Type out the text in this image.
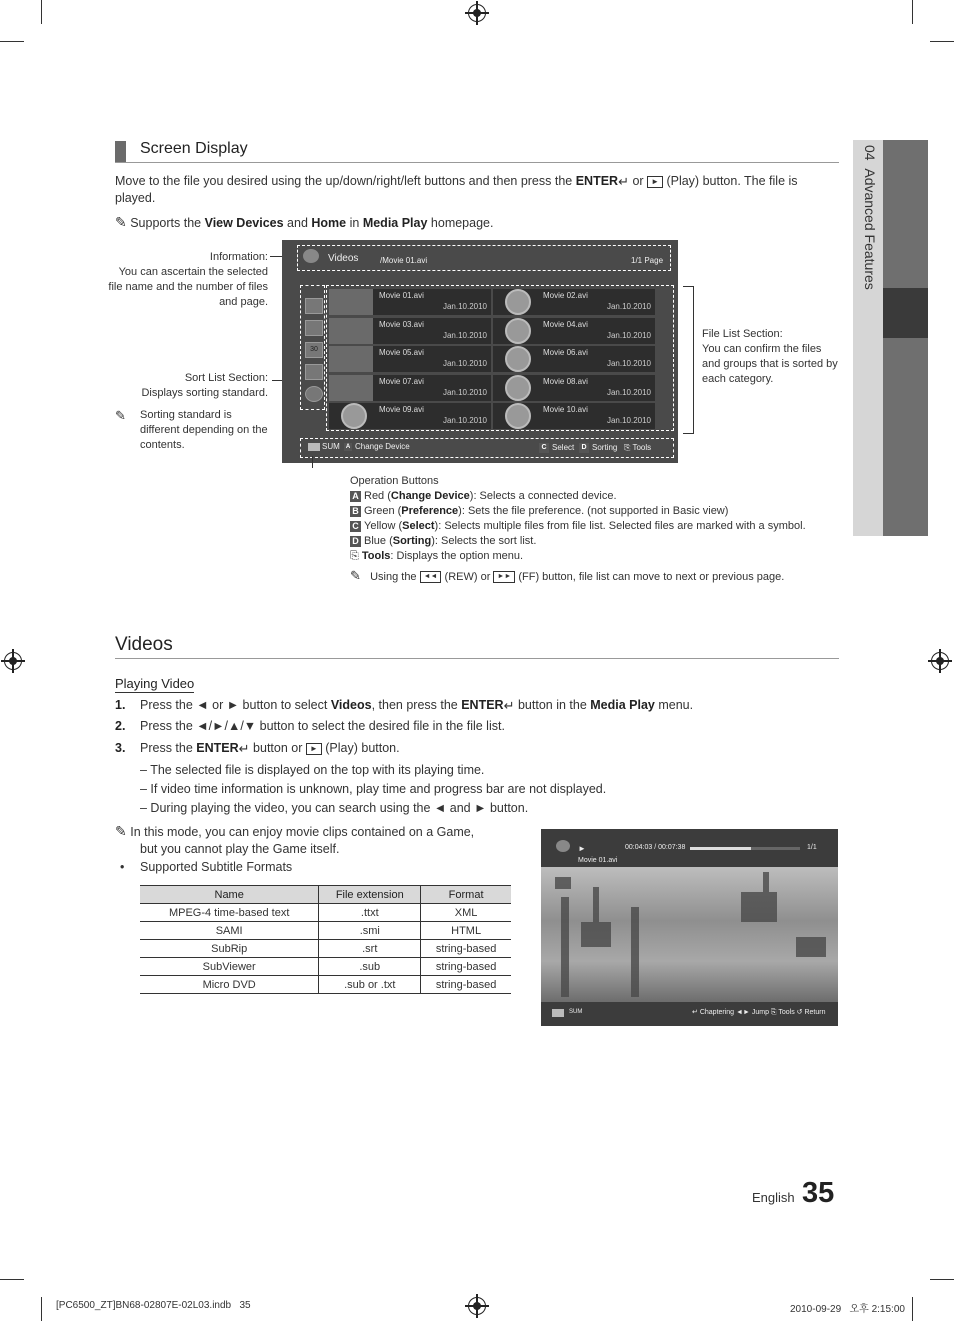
04  Advanced Features
Screen Display
Move to the file you desired using the up/down/right/left buttons and then press the ENTER↵ or ► (Play) button. The file is
played.
✎ Supports the View Devices and Home in Media Play homepage.
Information:
You can ascertain the selected
file name and the number of files
and page.
Sort List Section:
Displays sorting standard.
✎ Sorting standard is
different depending on the
contents.
File List Section:
You can confirm the files
and groups that is sorted by
each category.
Videos	/Movie 01.avi	1/1 Page
30
Movie 01.avi
Jan.10.2010
Movie 02.avi
Jan.10.2010
Movie 03.avi
Jan.10.2010
Movie 04.avi
Jan.10.2010
Movie 05.avi
Jan.10.2010
Movie 06.avi
Jan.10.2010
Movie 07.avi
Jan.10.2010
Movie 08.avi
Jan.10.2010
Movie 09.avi
Jan.10.2010
Movie 10.avi
Jan.10.2010
SUM	A Change Device	C Select	D Sorting ⎘ Tools
Operation Buttons
A Red (Change Device): Selects a connected device.
B Green (Preference): Sets the file preference. (not supported in Basic view)
C Yellow (Select): Selects multiple files from file list. Selected files are marked with a symbol.
D Blue (Sorting): Selects the sort list.
⎘ Tools: Displays the option menu.
✎ Using the ◄◄ (REW) or ►► (FF) button, file list can move to next or previous page.
Videos
Playing Video
1. Press the ◄ or ► button to select Videos, then press the ENTER↵ button in the Media Play menu.
2. Press the ◄/►/▲/▼ button to select the desired file in the file list.
3. Press the ENTER↵ button or ► (Play) button.
– The selected file is displayed on the top with its playing time.
– If video time information is unknown, play time and progress bar are not displayed.
– During playing the video, you can search using the ◄ and ► button.
✎ In this mode, you can enjoy movie clips contained on a Game,
but you cannot play the Game itself.
• Supported Subtitle Formats
Name	File extension	Format
MPEG-4 time-based text	.ttxt	XML
SAMI	.smi	HTML
SubRip	.srt	string-based
SubViewer	.sub	string-based
Micro DVD	.sub or .txt	string-based
►	00:04:03 / 00:07:38	1/1
Movie 01.avi
SUM	↵ Chaptering ◄► Jump ⎘ Tools ↺ Return
English 35
[PC6500_ZT]BN68-02807E-02L03.indb   35	2010-09-29   오후 2:15:00
